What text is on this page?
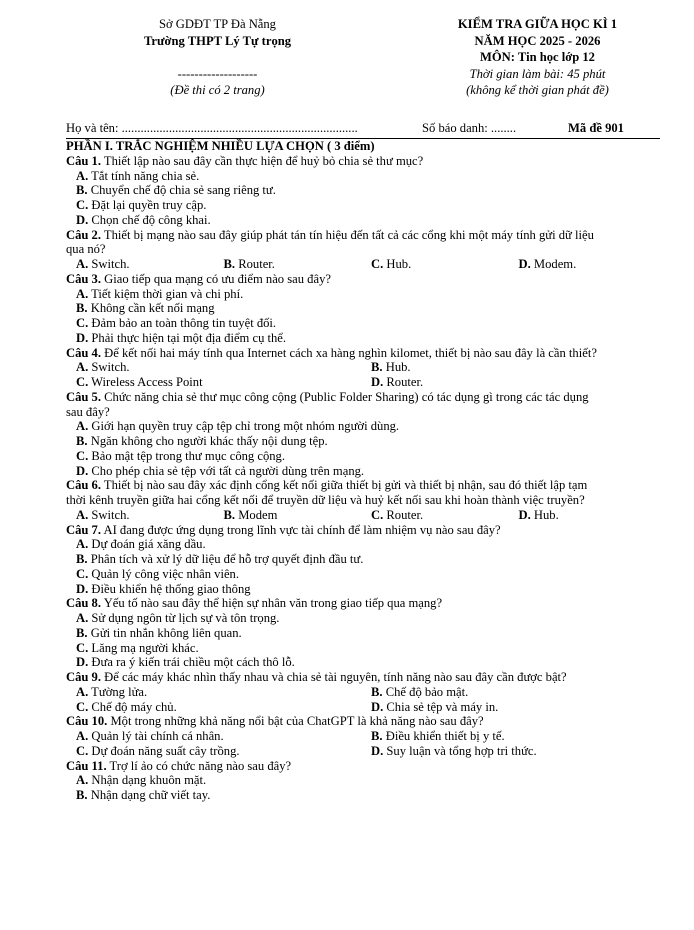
Sở GDĐT TP Đà Nẵng
Trường THPT Lý Tự trọng
-------------------
(Đề thi có 2 trang)
KIỂM TRA GIỮA HỌC KÌ 1
NĂM HỌC 2025 - 2026
MÔN: Tin học lớp 12
Thời gian làm bài: 45 phút
(không kể thời gian phát đề)
Họ và tên: ...........................................................................	Số báo danh: ........	Mã đề 901
PHẦN I. TRẮC NGHIỆM NHIỀU LỰA CHỌN ( 3 điểm)
Câu 1. Thiết lập nào sau đây cần thực hiện để huỷ bỏ chia sẻ thư mục?
A. Tắt tính năng chia sẻ.
B. Chuyển chế độ chia sẻ sang riêng tư.
C. Đặt lại quyền truy cập.
D. Chọn chế độ công khai.
Câu 2. Thiết bị mạng nào sau đây giúp phát tán tín hiệu đến tất cả các cổng khi một máy tính gửi dữ liệu
qua nó?
A. Switch.	B. Router.	C. Hub.	D. Modem.
Câu 3. Giao tiếp qua mạng có ưu điểm nào sau đây?
A. Tiết kiệm thời gian và chi phí.
B. Không cần kết nối mạng
C. Đảm bảo an toàn thông tin tuyệt đối.
D. Phải thực hiện tại một địa điểm cụ thể.
Câu 4. Để kết nối hai máy tính qua Internet cách xa hàng nghìn kilomet, thiết bị nào sau đây là cần thiết?
A. Switch.	B. Hub.
C. Wireless Access Point	D. Router.
Câu 5. Chức năng chia sẻ thư mục công cộng (Public Folder Sharing) có tác dụng gì trong các tác dụng
sau đây?
A. Giới hạn quyền truy cập tệp chỉ trong một nhóm người dùng.
B. Ngăn không cho người khác thấy nội dung tệp.
C. Bảo mật tệp trong thư mục công cộng.
D. Cho phép chia sẻ tệp với tất cả người dùng trên mạng.
Câu 6. Thiết bị nào sau đây xác định cổng kết nối giữa thiết bị gửi và thiết bị nhận, sau đó thiết lập tạm
thời kênh truyền giữa hai cổng kết nối để truyền dữ liệu và huỷ kết nối sau khi hoàn thành việc truyền?
A. Switch.	B. Modem	C. Router.	D. Hub.
Câu 7. AI đang được ứng dụng trong lĩnh vực tài chính để làm nhiệm vụ nào sau đây?
A. Dự đoán giá xăng dầu.
B. Phân tích và xử lý dữ liệu để hỗ trợ quyết định đầu tư.
C. Quản lý công việc nhân viên.
D. Điều khiển hệ thống giao thông
Câu 8. Yếu tố nào sau đây thể hiện sự nhân văn trong giao tiếp qua mạng?
A. Sử dụng ngôn từ lịch sự và tôn trọng.
B. Gửi tin nhắn không liên quan.
C. Lăng mạ người khác.
D. Đưa ra ý kiến trái chiều một cách thô lỗ.
Câu 9. Để các máy khác nhìn thấy nhau và chia sẻ tài nguyên, tính năng nào sau đây cần được bật?
A. Tường lửa.	B. Chế độ bảo mật.
C. Chế độ máy chủ.	D. Chia sẻ tệp và máy in.
Câu 10. Một trong những khả năng nổi bật của ChatGPT là khả năng nào sau đây?
A. Quản lý tài chính cá nhân.	B. Điều khiển thiết bị y tế.
C. Dự đoán năng suất cây trồng.	D. Suy luận và tổng hợp tri thức.
Câu 11. Trợ lí ảo có chức năng nào sau đây?
A. Nhận dạng khuôn mặt.
B. Nhận dạng chữ viết tay.
